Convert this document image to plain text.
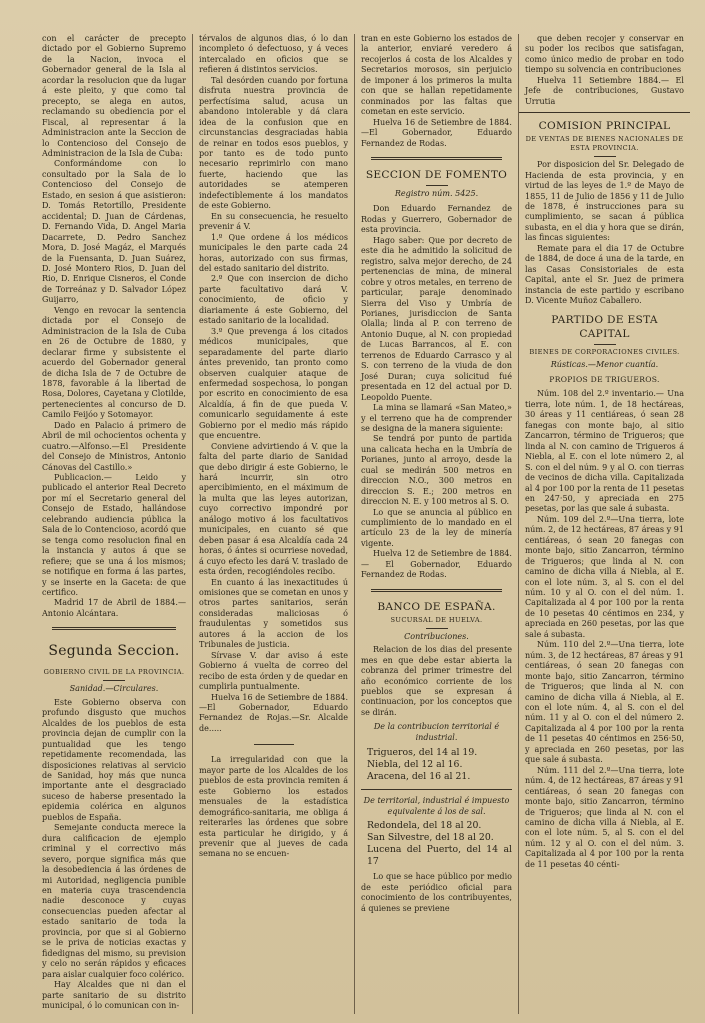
con el carácter de precepto dictado por el Gobierno Supremo de la Nacion, invoca el Gobernador general de la Isla al acordar la resolucion que da lugar á este pleito, y que como tal precepto, se alega en autos, reclamando su obediencia por el Fiscal, al representar á la Administracion ante la Seccion de lo Contencioso del Consejo de Administracion de la Isla de Cuba:

Conformándome con lo consultado por la Sala de lo Contencioso del Consejo de Estado, en sesion á que asistieron: D. Tomás Retortillo, Presidente accidental; D. Juan de Cárdenas, D. Fernando Vida, D. Angel Maria Dacarrete, D. Pedro Sanchez Mora, D. José Magáz, el Marqués de la Fuensanta, D. Juan Suárez, D. José Montero Rios, D. Juan del Rio, D. Enrique Cisneros, el Conde de Torreánaz y D. Salvador López Guijarro,

Vengo en revocar la sentencia dictada por el Consejo de Administracion de la Isla de Cuba en 26 de Octubre de 1880, y declarar firme y subsistente el acuerdo del Gobernador general de dicha Isla de 7 de Octubre de 1878, favorable á la libertad de Rosa, Dolores, Cayetana y Clotilde, pertenecientes al concurso de D. Camilo Feijóo y Sotomayor.

Dado en Palacio á primero de Abril de mil ochocientos ochenta y cuatro.—Alfonso.—El Presidente del Consejo de Ministros, Antonio Cánovas del Castillo.»

Publicacion.— Leido y publicado el anterior Real Decreto por mí el Secretario general del Consejo de Estado, hallándose celebrando audiencia pública la Sala de lo Contencioso, acordó que se tenga como resolucion final en la instancia y autos á que se refiere; que se una á los mismos; se notifique en forma á las partes, y se inserte en la Gaceta: de que certifico.

Madrid 17 de Abril de 1884.— Antonio Alcántara.

Segunda Seccion.
GOBIERNO CIVIL DE LA PROVINCIA.
Sanidad.—Circulares.

Este Gobierno observa con profundo disgusto que muchos Alcaldes de los pueblos de esta provincia dejan de cumplir con la puntualidad que les tengo repetidamente recomendada, las disposiciones relativas al servicio de Sanidad, hoy más que nunca importante ante el desgraciado suceso de haberse presentado la epidemia colérica en algunos pueblos de España.

Semejante conducta merece la dura calificacion de ejemplo criminal y el correctivo más severo, porque significa más que la desobediencia á las órdenes de mi Autoridad, negligencia punible en materia cuya trascendencia nadie desconoce y cuyas consecuencias pueden afectar al estado sanitario de toda la provincia, por que si al Gobierno se le priva de noticias exactas y fidedignas del mismo, su prevision y celo no serán rápidos y eficaces para aislar cualquier foco colérico.

Hay Alcaldes que ni dan el parte sanitario de su distrito municipal, ó lo comunican con in-

térvalos de algunos dias, ó lo dan incompleto ó defectuoso, y á veces intercalado en oficios que se refieren á distintos servicios.

Tal desórden cuando por fortuna disfruta nuestra provincia de perfectísima salud, acusa un abandono intolerable y dá clara idea de la confusion que en circunstancias desgraciadas habia de reinar en todos esos pueblos, y por tanto es de todo punto necesario reprimirlo con mano fuerte, haciendo que las autoridades se atemperen indefectiblemente á los mandatos de este Gobierno.

En su consecuencia, he resuelto prevenir á V.

1.º Que ordene á los médicos municipales le den parte cada 24 horas, autorizado con sus firmas, del estado sanitario del distrito.

2.º Que con insercion de dicho parte facultativo dará V. conocimiento, de oficio y diariamente á este Gobierno, del estado sanitario de la localidad.

3.º Que prevenga á los citados médicos municipales, que separadamente del parte diario ántes prevenido, tan pronto como observen cualquier ataque de enfermedad sospechosa, lo pongan por escrito en conocimiento de esa Alcaldía, á fin de que pueda V. comunicarlo seguidamente á este Gobierno por el medio más rápido que encuentre.

Conviene advirtiendo á V. que la falta del parte diario de Sanidad que debo dirigir á este Gobierno, le hará incurrir, sin otro apercibimiento, en el máximum de la multa que las leyes autorizan, cuyo correctivo impondré por análogo motivo á los facultativos municipales, en cuanto sé que deben pasar á esa Alcaldía cada 24 horas, ó ántes si ocurriese novedad, á cuyo efecto les dará V. traslado de esta órden, recogiéndoles recibo.

En cuanto á las inexactitudes ú omisiones que se cometan en unos y otros partes sanitarios, serán consideradas maliciosas ó fraudulentas y sometidos sus autores á la accion de los Tribunales de justicia.

Sírvase V. dar aviso á este Gobierno á vuelta de correo del recibo de esta órden y de quedar en cumplirla puntualmente.

Huelva 16 de Setiembre de 1884.—El Gobernador, Eduardo Fernandez de Rojas.—Sr. Alcalde de.....

La irregularidad con que la mayor parte de los Alcaldes de los pueblos de esta provincia remiten á este Gobierno los estados mensuales de la estadística demográfico-sanitaria, me obliga á reiterarles las órdenes que sobre esta particular he dirigido, y á prevenir que al jueves de cada semana no se encuen-

tran en este Gobierno los estados de la anterior, enviaré veredero á recojerlos á costa de los Alcaldes y Secretarios morosos, sin perjuicio de imponer á los primeros la multa con que se hallan repetidamente conminados por las faltas que cometan en este servicio.

Huelva 16 de Setiembre de 1884.—El Gobernador, Eduardo Fernandez de Rodas.

SECCION DE FOMENTO
Registro núm. 5425.

Don Eduardo Fernandez de Rodas y Guerrero, Gobernador de esta provincia.

Hago saber: Que por decreto de este dia he admitido la solicitud de registro, salva mejor derecho, de 24 pertenencias de mina, de mineral cobre y otros metales, en terreno de particular, paraje denominado Sierra del Viso y Umbría de Porianes, jurisdiccion de Santa Olalla; linda al P. con terreno de Antonio Duque, al N. con propiedad de Lucas Barrancos, al E. con terrenos de Eduardo Carrasco y al S. con terreno de la viuda de don José Duran; cuya solicitud fué presentada en 12 del actual por D. Leopoldo Puente.

La mina se llamará «San Mateo,» y el terreno que ha de comprender se designa de la manera siguiente:

Se tendrá por punto de partida una calicata hecha en la Umbría de Porianes, junto al arroyo, desde la cual se medirán 500 metros en direccion N.O., 300 metros en direccion S. E.; 200 metros en direccion N. E. y 100 metros al S. O.

Lo que se anuncia al público en cumplimiento de lo mandado en el artículo 23 de la ley de minería vigente.

Huelva 12 de Setiembre de 1884.— El Gobernador, Eduardo Fernandez de Rodas.

BANCO DE ESPAÑA.
SUCURSAL DE HUELVA.
Contribuciones.

Relacion de los dias del presente mes en que debe estar abierta la cobranza del primer trimestre del año económico corriente de los pueblos que se expresan á continuacion, por los conceptos que se dirán.

De la contribucion territorial é industrial.
Trigueros, del 14 al 19.
Niebla, del 12 al 16.
Aracena, del 16 al 21.
De territorial, industrial é impuesto equivalente á los de sal.
Redondela, del 18 al 20.
San Silvestre, del 18 al 20.
Lucena del Puerto, del 14 al 17

Lo que se hace público por medio de este periódico oficial para conocimiento de los contribuyentes, á quienes se previene

que deben recojer y conservar en su poder los recibos que satisfagan, como único medio de probar en todo tiempo su solvencia en contribuciones

Huelva 11 Setiembre 1884.— El Jefe de contribuciones, Gustavo Urrutia

COMISION PRINCIPAL
DE VENTAS DE BIENES NACIONALES DE ESTA PROVINCIA.

Por disposicion del Sr. Delegado de Hacienda de esta provincia, y en virtud de las leyes de 1.º de Mayo de 1855, 11 de Julio de 1856 y 11 de Julio de 1878, é instrucciones para su cumplimiento, se sacan á pública subasta, en el dia y hora que se dirán, las fincas siguientes:

Remate para el dia 17 de Octubre de 1884, de doce á una de la tarde, en las Casas Consistoriales de esta Capital, ante el Sr. Juez de primera instancia de este partido y escribano D. Vicente Muñoz Caballero.

PARTIDO DE ESTA CAPITAL
BIENES DE CORPORACIONES CIVILES.
Rústicas.—Menor cuantía.
PROPIOS DE TRIGUEROS.

Núm. 108 del 2.º inventario.— Una tierra, lote núm. 1, de 18 hectáreas, 30 áreas y 11 centiáreas, ó sean 28 fanegas con monte bajo, al sitio Zancarron, término de Trigueros; que linda al N. con camino de Trigueros á Niebla, al E. con el lote número 2, al S. con el del núm. 9 y al O. con tierras de vecinos de dicha villa. Capitalizada al 4 por 100 por la renta de 11 pesetas en 247·50, y apreciada en 275 pesetas, por las que sale á subasta.

Núm. 109 del 2.º—Una tierra, lote núm. 2, de 12 hectáreas, 87 áreas y 91 centiáreas, ó sean 20 fanegas con monte bajo, sitio Zancarron, término de Trigueros; que linda al N. con camino de dicha villa á Niebla, al E. con el lote núm. 3, al S. con el del núm. 10 y al O. con el del núm. 1. Capitalizada al 4 por 100 por la renta de 10 pesetas 40 céntimos en 234, y apreciada en 260 pesetas, por las que sale á subasta.

Núm. 110 del 2.º—Una tierra, lote núm. 3, de 12 hectáreas, 87 áreas y 91 centiáreas, ó sean 20 fanegas con monte bajo, sitio Zancarron, término de Trigueros; que linda al N. con camino de dicha villa á Niebla, al E. con el lote núm. 4, al S. con el del núm. 11 y al O. con el del número 2. Capitalizada al 4 por 100 por la renta de 11 pesetas 40 céntimos en 256·50, y apreciada en 260 pesetas, por las que sale á subasta.

Núm. 111 del 2.º—Una tierra, lote núm. 4, de 12 hectáreas, 87 áreas y 91 centiáreas, ó sean 20 fanegas con monte bajo, sitio Zancarron, término de Trigueros; que linda al N. con el camino de dicha villa á Niebla, al E. con el lote núm. 5, al S. con el del núm. 12 y al O. con el del núm. 3. Capitalizada al 4 por 100 por la renta de 11 pesetas 40 cénti-
